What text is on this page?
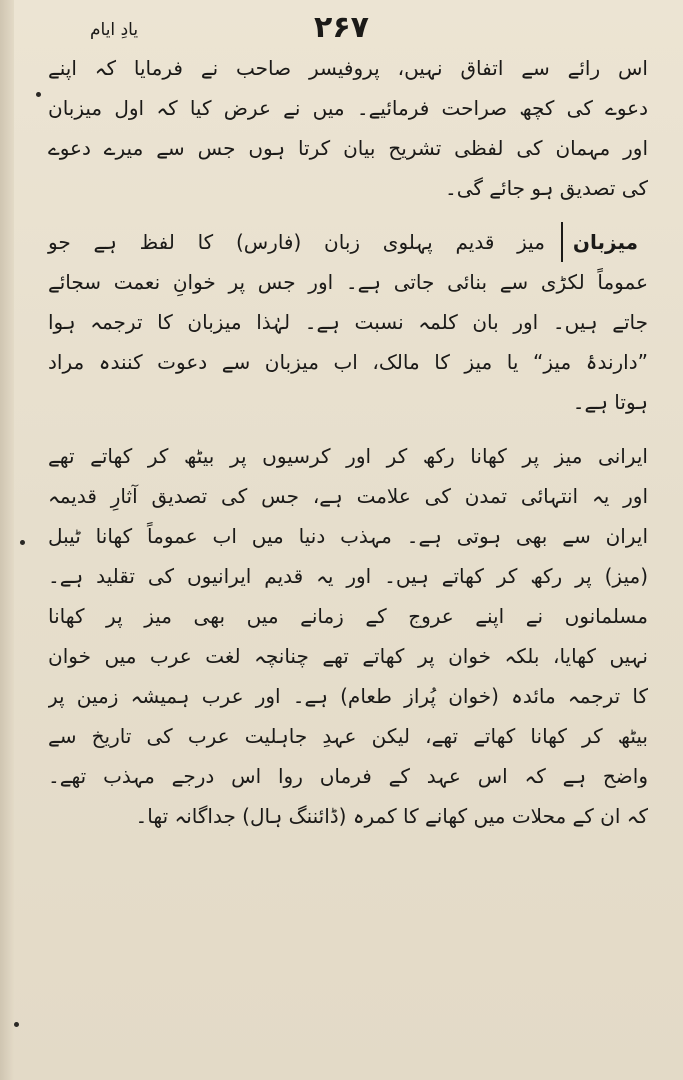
۲۶۷
یادِ ایام
اس رائے سے اتفاق نہیں، پروفیسر صاحب نے فرمایا کہ اپنے
دعوے کی کچھ صراحت فرمائیے۔ میں نے عرض کیا کہ اول میزبان
اور مہمان کی لفظی تشریح بیان کرتا ہوں جس سے میرے دعوے
کی تصدیق ہو جائے گی۔
میزبان
میز قدیم پہلوی زبان (فارس) کا لفظ ہے جو
عموماً لکڑی سے بنائی جاتی ہے۔ اور جس پر خوانِ نعمت سجائے
جاتے ہیں۔ اور بان کلمہ نسبت ہے۔ لہٰذا میزبان کا ترجمہ ہوا
”دارندۂ میز“ یا میز کا مالک، اب میزبان سے دعوت کنندہ مراد
ہوتا ہے۔
ایرانی میز پر کھانا رکھ کر اور کرسیوں پر بیٹھ کر کھاتے تھے
اور یہ انتہائی تمدن کی علامت ہے، جس کی تصدیق آثارِ قدیمہ
ایران سے بھی ہوتی ہے۔ مہذب دنیا میں اب عموماً کھانا ٹیبل
(میز) پر رکھ کر کھاتے ہیں۔ اور یہ قدیم ایرانیوں کی تقلید ہے۔
مسلمانوں نے اپنے عروج کے زمانے میں بھی میز پر کھانا
نہیں کھایا، بلکہ خوان پر کھاتے تھے چنانچہ لغت عرب میں خوان
کا ترجمہ مائدہ (خوان پُراز طعام) ہے۔ اور عرب ہمیشہ زمین پر
بیٹھ کر کھانا کھاتے تھے، لیکن عہدِ جاہلیت عرب کی تاریخ سے
واضح ہے کہ اس عہد کے فرماں روا اس درجے مہذب تھے۔
کہ ان کے محلات میں کھانے کا کمرہ (ڈائننگ ہال) جداگانہ تھا۔
